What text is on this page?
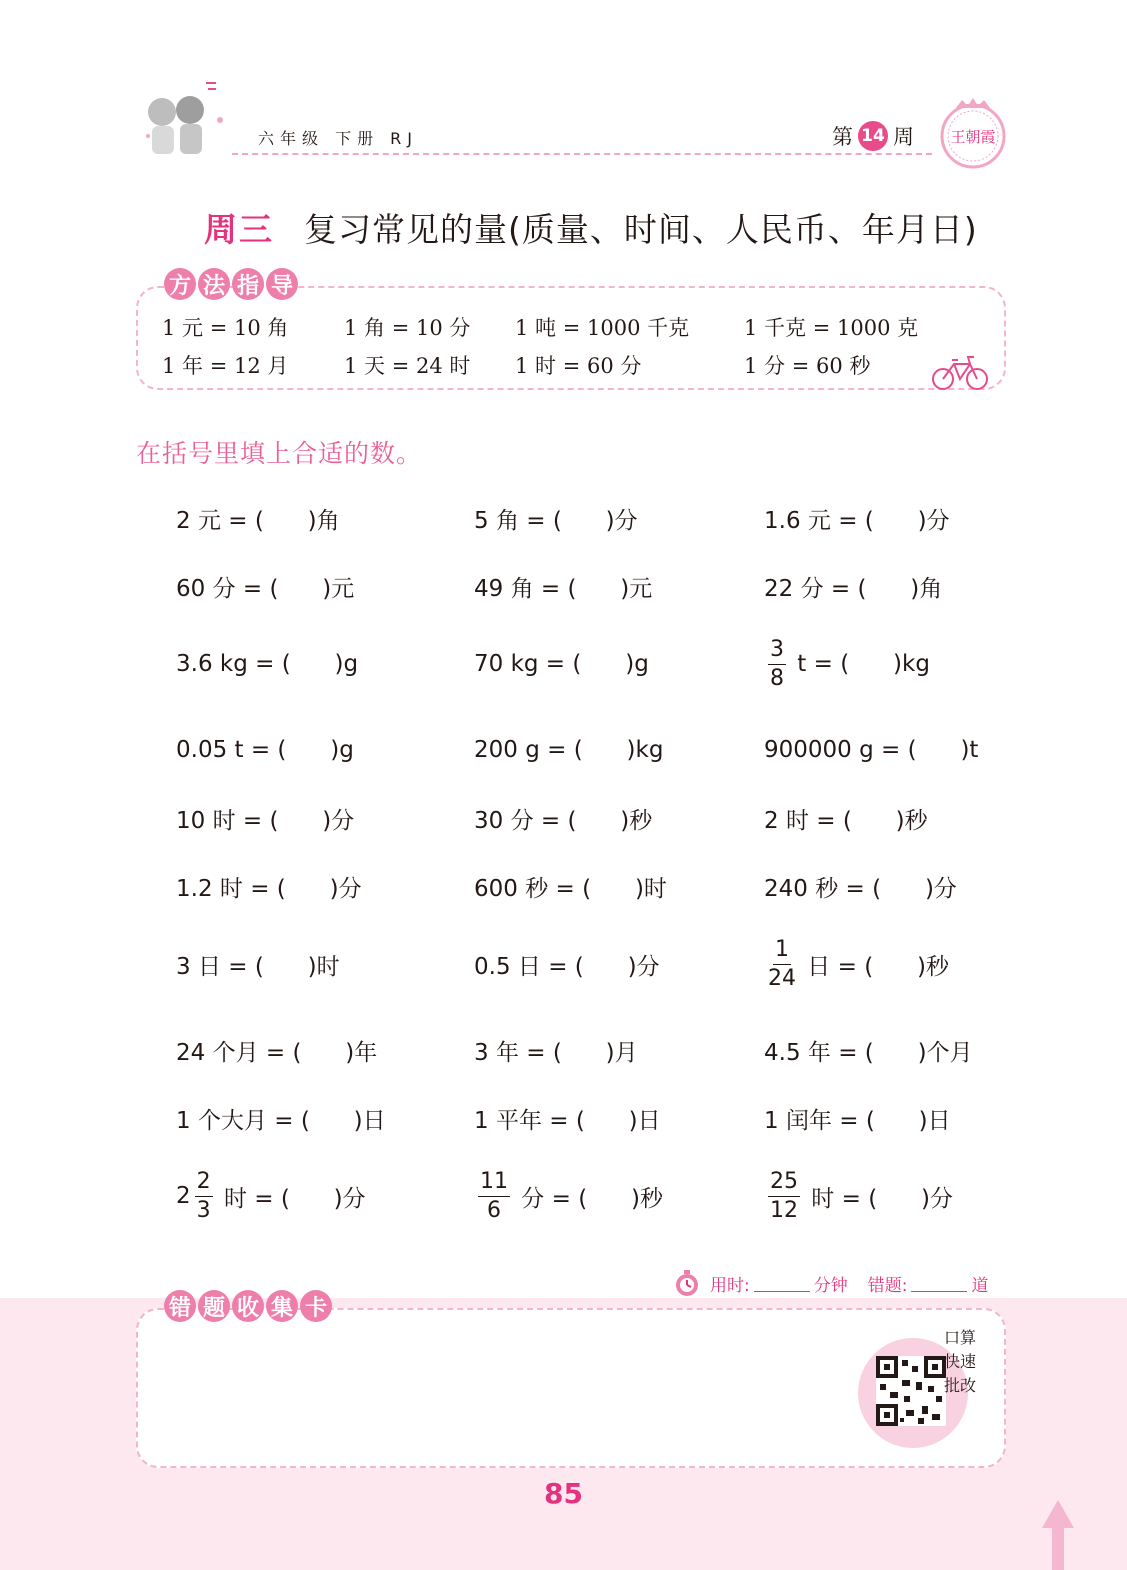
六年级 下册 RJ	第 14 周 王朝霞
周三 复习常见的量(质量、时间、人民币、年月日)
方 法 指 导
1 元 = 10 角	1 角 = 10 分 1 吨 = 1000 千克	1 千克 = 1000 克
1 年 = 12 月	1 天 = 24 时 1 时 = 60 分	1 分 = 60 秒
在括号里填上合适的数。
2 元 = (      )角	5 角 = (      )分	1.6 元 = (      )分
60 分 = (      )元	49 角 = (      )元	22 分 = (      )角
3.6 kg = (      )g	70 kg = (      )g	$\frac{3}{8}$ t = (      )kg
0.05 t = (      )g	200 g = (      )kg	900000 g = (      )t
10 时 = (      )分	30 分 = (      )秒	2 时 = (      )秒
1.2 时 = (      )分	600 秒 = (      )时	240 秒 = (      )分
3 日 = (      )时	0.5 日 = (      )分	$\frac{1}{24}$ 日 = (      )秒
24 个月 = (      )年	3 年 = (      )月	4.5 年 = (      )个月
1 个大月 = (      )日	1 平年 = (      )日	1 闰年 = (      )日
$2 \frac{2}{3}$ 时 = (      )分	$\frac{11}{6}$ 分 = (      )秒	$\frac{25}{12}$ 时 = (      )分
用时:	分钟 错题:	道
错 题 收 集 卡
口算快速批改
85
